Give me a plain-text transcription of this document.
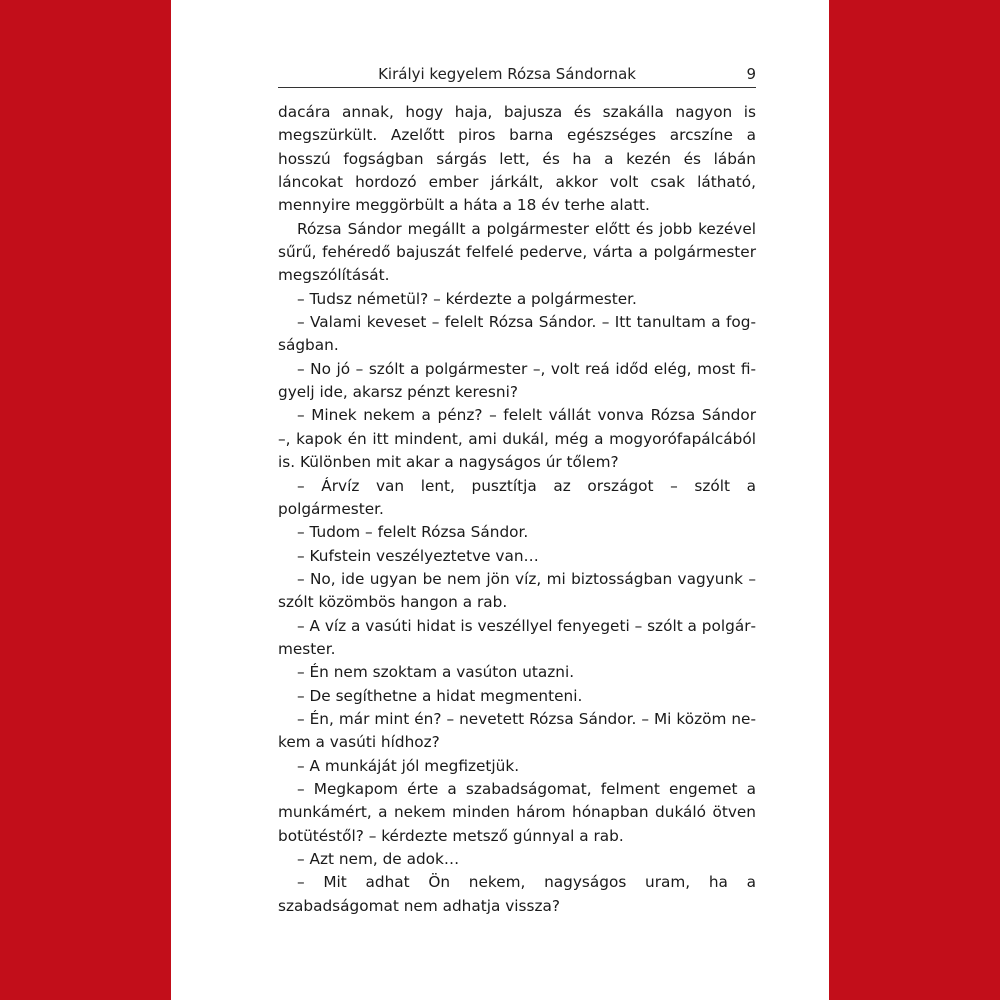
Királyi kegyelem Rózsa Sándornak	9

dacára annak, hogy haja, bajusza és szakálla nagyon is megszürkült. Azelőtt piros barna egészséges arcszíne a hosszú fogságban sárgás lett, és ha a kezén és lábán láncokat hordozó ember járkált, akkor volt csak látható, mennyire meggörbült a háta a 18 év terhe alatt.

Rózsa Sándor megállt a polgármester előtt és jobb kezével sűrű, fehéredő bajuszát felfelé pederve, várta a polgármester megszólítását.

– Tudsz németül? – kérdezte a polgármester.

– Valami keveset – felelt Rózsa Sándor. – Itt tanultam a fogságban.

– No jó – szólt a polgármester –, volt reá időd elég, most figyelj ide, akarsz pénzt keresni?

– Minek nekem a pénz? – felelt vállát vonva Rózsa Sándor –, kapok én itt mindent, ami dukál, még a mogyorófapálcából is. Különben mit akar a nagyságos úr tőlem?

– Árvíz van lent, pusztítja az országot – szólt a polgármester.

– Tudom – felelt Rózsa Sándor.

– Kufstein veszélyeztetve van…

– No, ide ugyan be nem jön víz, mi biztosságban vagyunk – szólt közömbös hangon a rab.

– A víz a vasúti hidat is veszéllyel fenyegeti – szólt a polgármester.

– Én nem szoktam a vasúton utazni.

– De segíthetne a hidat megmenteni.

– Én, már mint én? – nevetett Rózsa Sándor. – Mi közöm nekem a vasúti hídhoz?

– A munkáját jól megfizetjük.

– Megkapom érte a szabadságomat, felment engemet a munkámért, a nekem minden három hónapban dukáló ötven botütéstől? – kérdezte metsző gúnnyal a rab.

– Azt nem, de adok…

– Mit adhat Ön nekem, nagyságos uram, ha a szabadságomat nem adhatja vissza?
